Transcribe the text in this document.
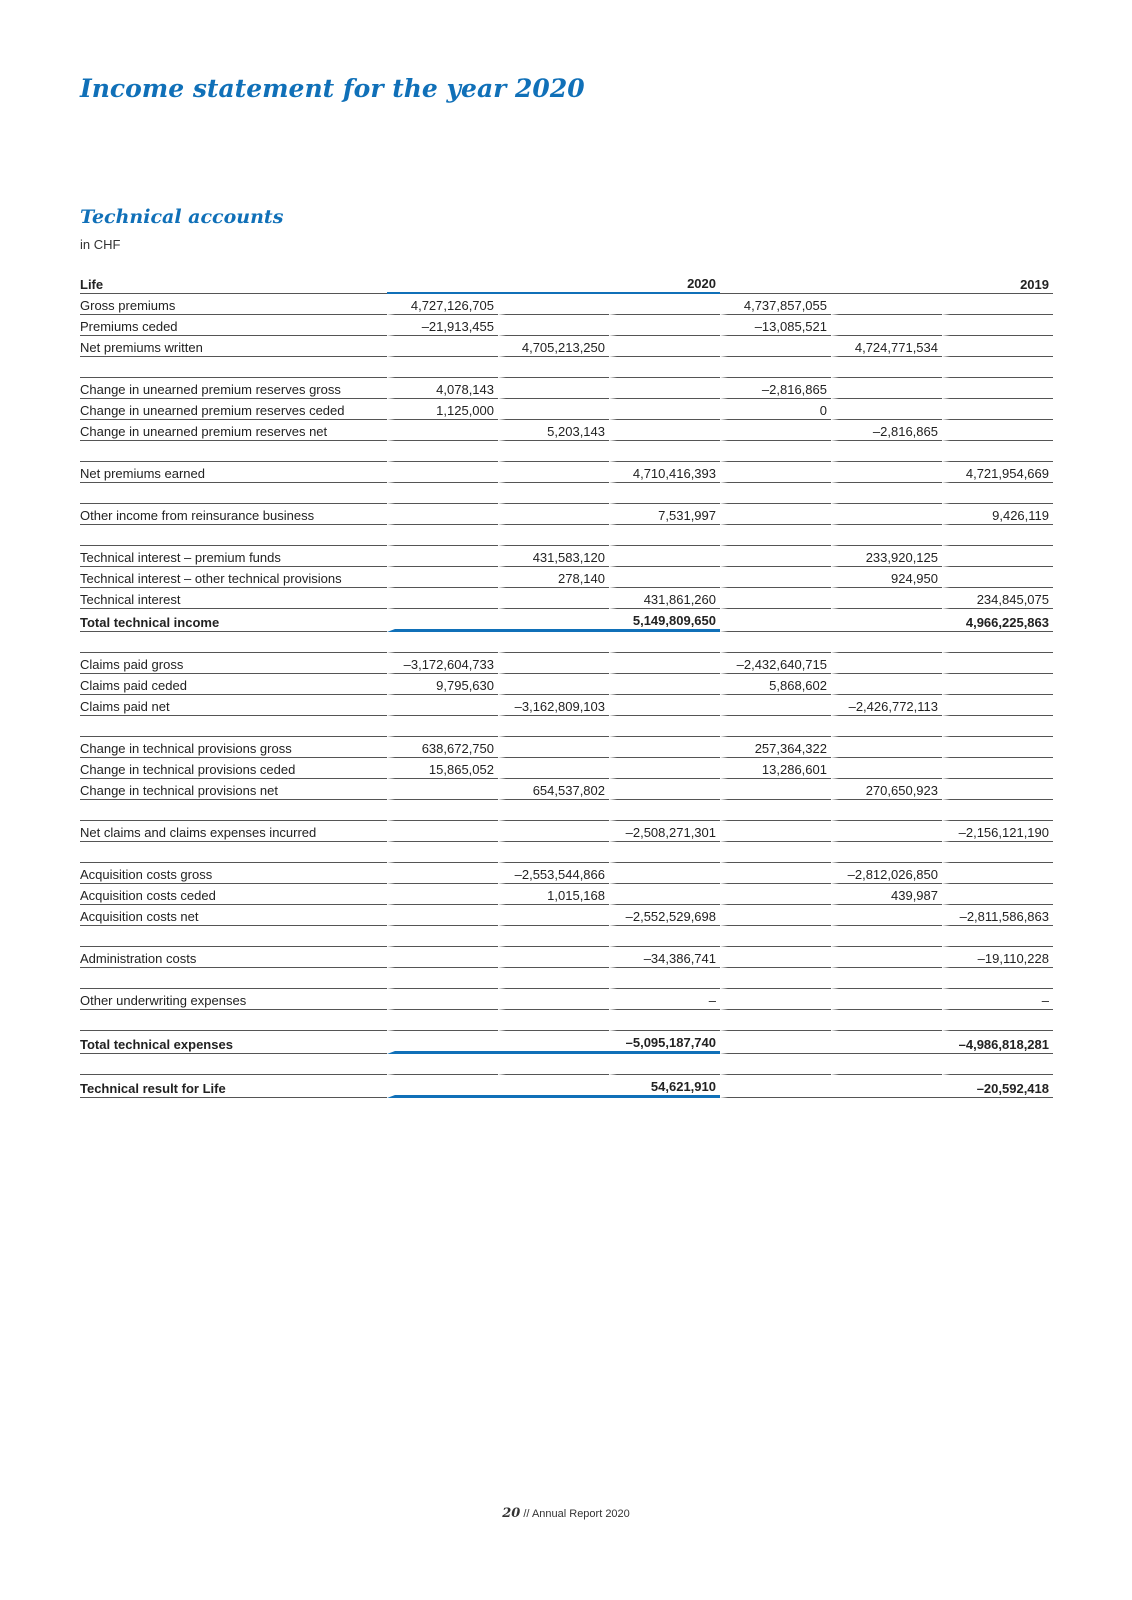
Income statement for the year 2020
Technical accounts
in CHF
Life			2020			2019
Gross premiums	4,727,126,705			4,737,857,055		
Premiums ceded	–21,913,455			–13,085,521		
Net premiums written		4,705,213,250			4,724,771,534	

Change in unearned premium reserves gross	4,078,143			–2,816,865		
Change in unearned premium reserves ceded	1,125,000			0		
Change in unearned premium reserves net		5,203,143			–2,816,865	

Net premiums earned			4,710,416,393			4,721,954,669

Other income from reinsurance business			7,531,997			9,426,119

Technical interest – premium funds		431,583,120			233,920,125	
Technical interest – other technical provisions		278,140			924,950	
Technical interest			431,861,260			234,845,075
Total technical income			5,149,809,650			4,966,225,863

Claims paid gross	–3,172,604,733			–2,432,640,715		
Claims paid ceded	9,795,630			5,868,602		
Claims paid net		–3,162,809,103			–2,426,772,113	

Change in technical provisions gross	638,672,750			257,364,322		
Change in technical provisions ceded	15,865,052			13,286,601		
Change in technical provisions net		654,537,802			270,650,923	

Net claims and claims expenses incurred			–2,508,271,301			–2,156,121,190

Acquisition costs gross		–2,553,544,866			–2,812,026,850	
Acquisition costs ceded		1,015,168			439,987	
Acquisition costs net			–2,552,529,698			–2,811,586,863

Administration costs			–34,386,741			–19,110,228

Other underwriting expenses			–			–

Total technical expenses			–5,095,187,740			–4,986,818,281

Technical result for Life			54,621,910			–20,592,418
20 // Annual Report 2020
